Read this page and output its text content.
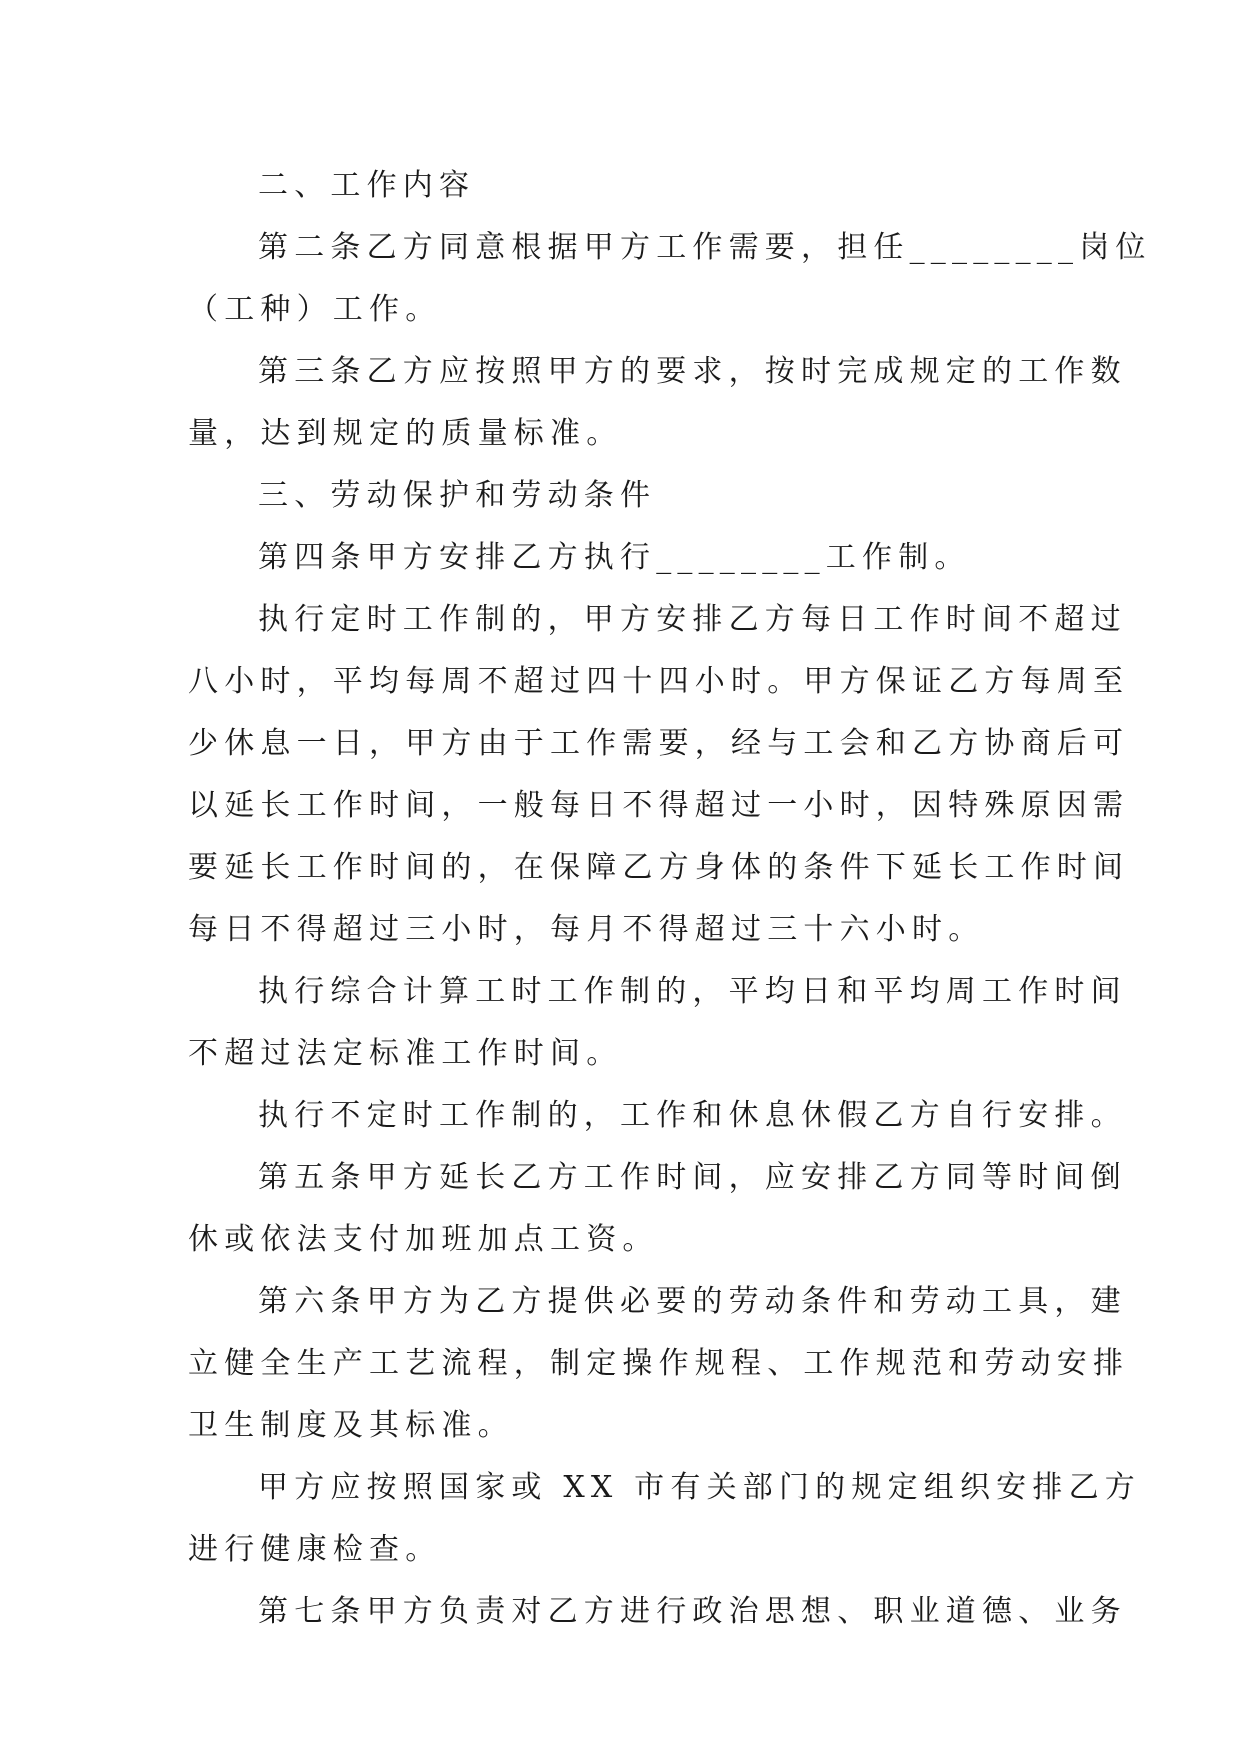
二、工作内容
第二条乙方同意根据甲方工作需要，担任________岗位
（工种）工作。
第三条乙方应按照甲方的要求，按时完成规定的工作数
量，达到规定的质量标准。
三、劳动保护和劳动条件
第四条甲方安排乙方执行________工作制。
执行定时工作制的，甲方安排乙方每日工作时间不超过
八小时，平均每周不超过四十四小时。甲方保证乙方每周至
少休息一日，甲方由于工作需要，经与工会和乙方协商后可
以延长工作时间，一般每日不得超过一小时，因特殊原因需
要延长工作时间的，在保障乙方身体的条件下延长工作时间
每日不得超过三小时，每月不得超过三十六小时。
执行综合计算工时工作制的，平均日和平均周工作时间
不超过法定标准工作时间。
执行不定时工作制的，工作和休息休假乙方自行安排。
第五条甲方延长乙方工作时间，应安排乙方同等时间倒
休或依法支付加班加点工资。
第六条甲方为乙方提供必要的劳动条件和劳动工具，建
立健全生产工艺流程，制定操作规程、工作规范和劳动安排
卫生制度及其标准。
甲方应按照国家或 XX 市有关部门的规定组织安排乙方
进行健康检查。
第七条甲方负责对乙方进行政治思想、职业道德、业务
